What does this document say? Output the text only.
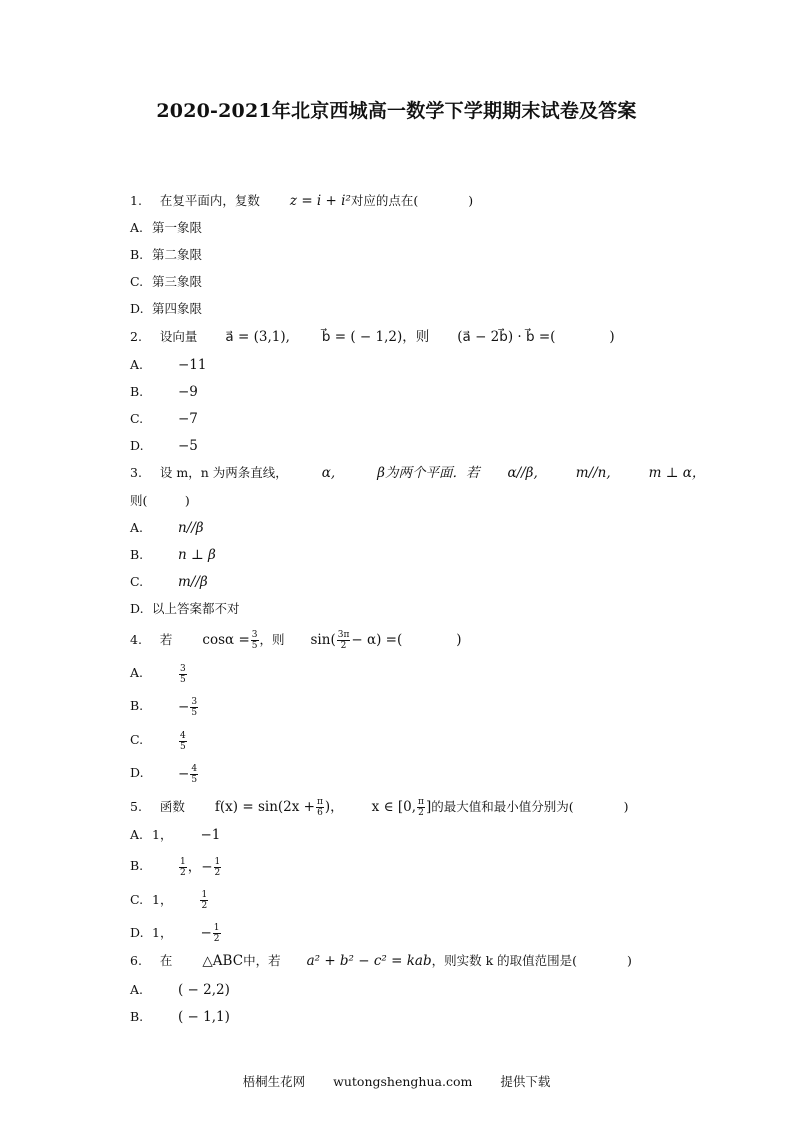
2020-2021年北京西城高一数学下学期期末试卷及答案
1. 在复平面内，复数 z = i + i²对应的点在(　　　　)
A. 第一象限
B. 第二象限
C. 第三象限
D. 第四象限
2. 设向量 a⃗ = (3,1), b⃗ = ( − 1,2)，则 (a⃗ − 2b⃗) · b⃗ =(　　　　)
A.	−11
B.	−9
C.	−7
D.	−5
3. 设 m，n 为两条直线，	α,	β为两个平面．若 α//β,	m//n,	m ⊥ α，
则(　　　)
A.	n//β
B.	n ⊥ β
C.	m//β
D. 以上答案都不对
4. 若 $\cos\alpha = \frac{3}{5}$ ，则 $\sin( \frac{3\pi}{2} - \alpha)$ =(　　　　)
A.	$\frac{3}{5}$
B.	− $\frac{3}{5}$
C.	$\frac{4}{5}$
D.	− $\frac{4}{5}$
5. 函数 $f(x) = \sin(2x + \frac{\pi}{6}$ )， x ∈ [0, $\frac{\pi}{2}$ ]的最大值和最小值分别为(　　　　)
A. 1， −1
B.	$\frac{1}{2}$ ，− $\frac{1}{2}$
C. 1，	$\frac{1}{2}$
D. 1， − $\frac{1}{2}$
6. 在 △ABC中，若 a² + b² − c² = kab，则实数 k 的取值范围是(　　　　)
A.	( − 2,2)
B.	( − 1,1)
梧桐生花网 wutongshenghua.com 提供下载
